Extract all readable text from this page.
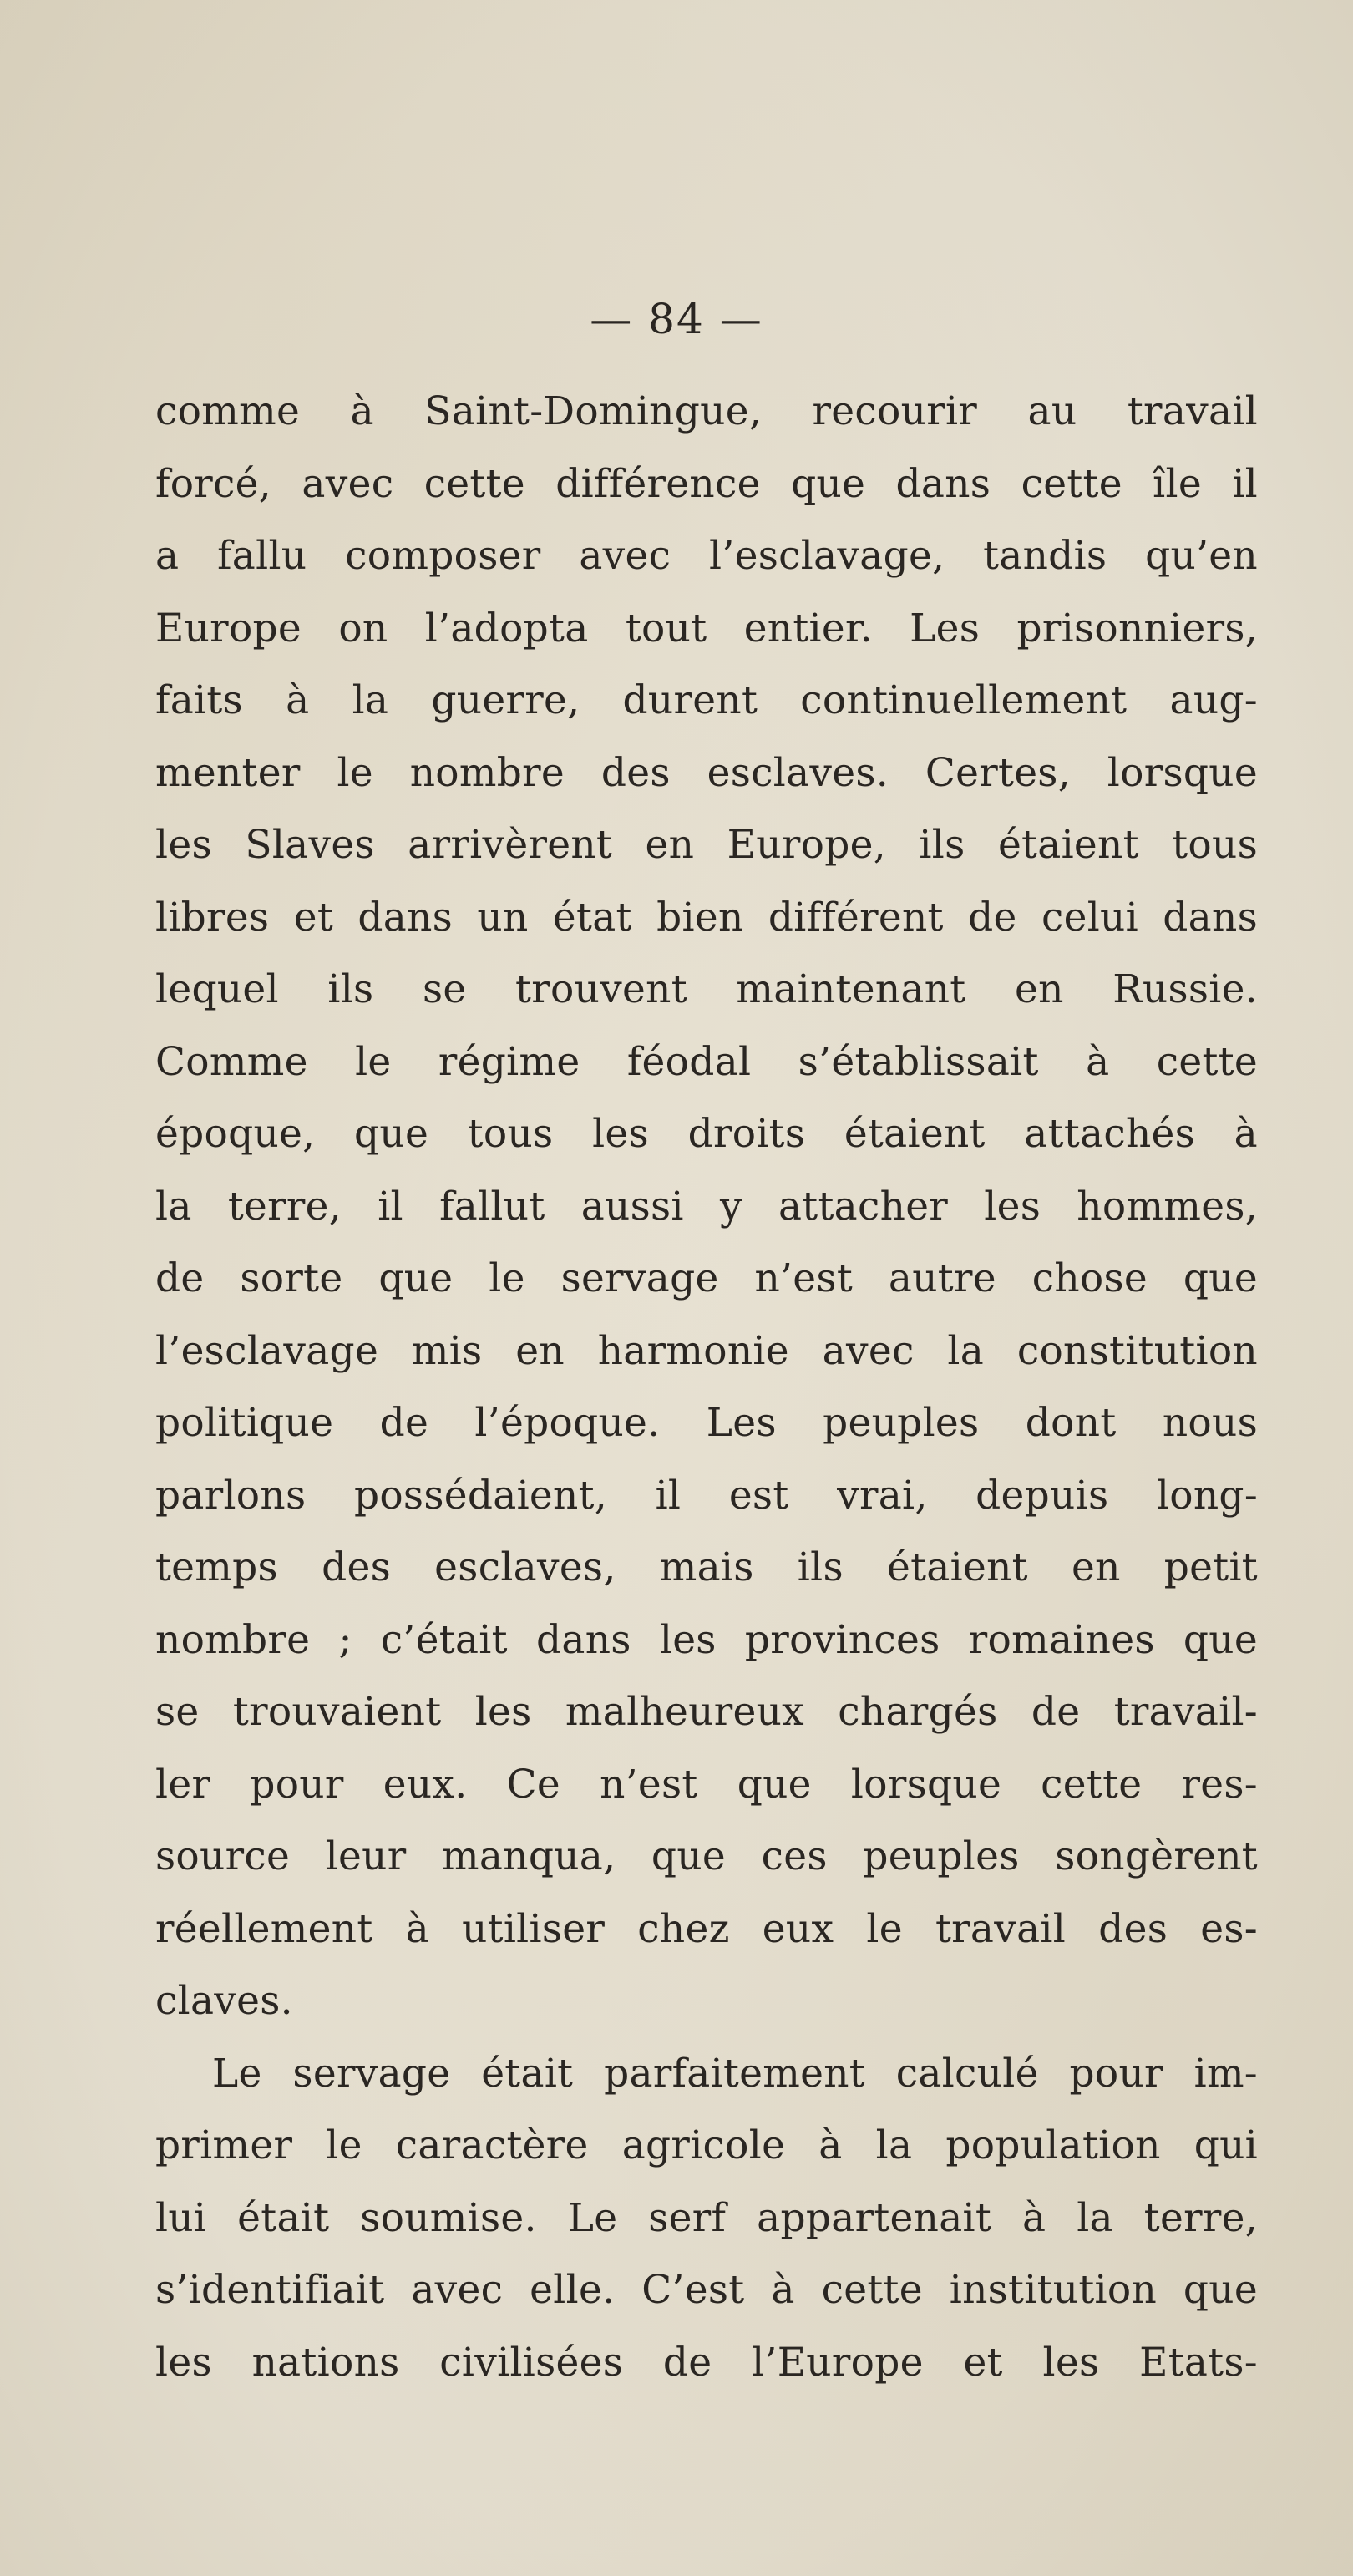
— 84 —

comme à Saint-Domingue, recourir au travail
forcé, avec cette différence que dans cette île il
a fallu composer avec l’esclavage, tandis qu’en
Europe on l’adopta tout entier. Les prisonniers,
faits à la guerre, durent continuellement aug-
menter le nombre des esclaves. Certes, lorsque
les Slaves arrivèrent en Europe, ils étaient tous
libres et dans un état bien différent de celui dans
lequel ils se trouvent maintenant en Russie.
Comme le régime féodal s’établissait à cette
époque, que tous les droits étaient attachés à
la terre, il fallut aussi y attacher les hommes,
de sorte que le servage n’est autre chose que
l’esclavage mis en harmonie avec la constitution
politique de l’époque. Les peuples dont nous
parlons possédaient, il est vrai, depuis long-
temps des esclaves, mais ils étaient en petit
nombre ; c’était dans les provinces romaines que
se trouvaient les malheureux chargés de travail-
ler pour eux. Ce n’est que lorsque cette res-
source leur manqua, que ces peuples songèrent
réellement à utiliser chez eux le travail des es-
claves.

Le servage était parfaitement calculé pour im-
primer le caractère agricole à la population qui
lui était soumise. Le serf appartenait à la terre,
s’identifiait avec elle. C’est à cette institution que
les nations civilisées de l’Europe et les Etats-
